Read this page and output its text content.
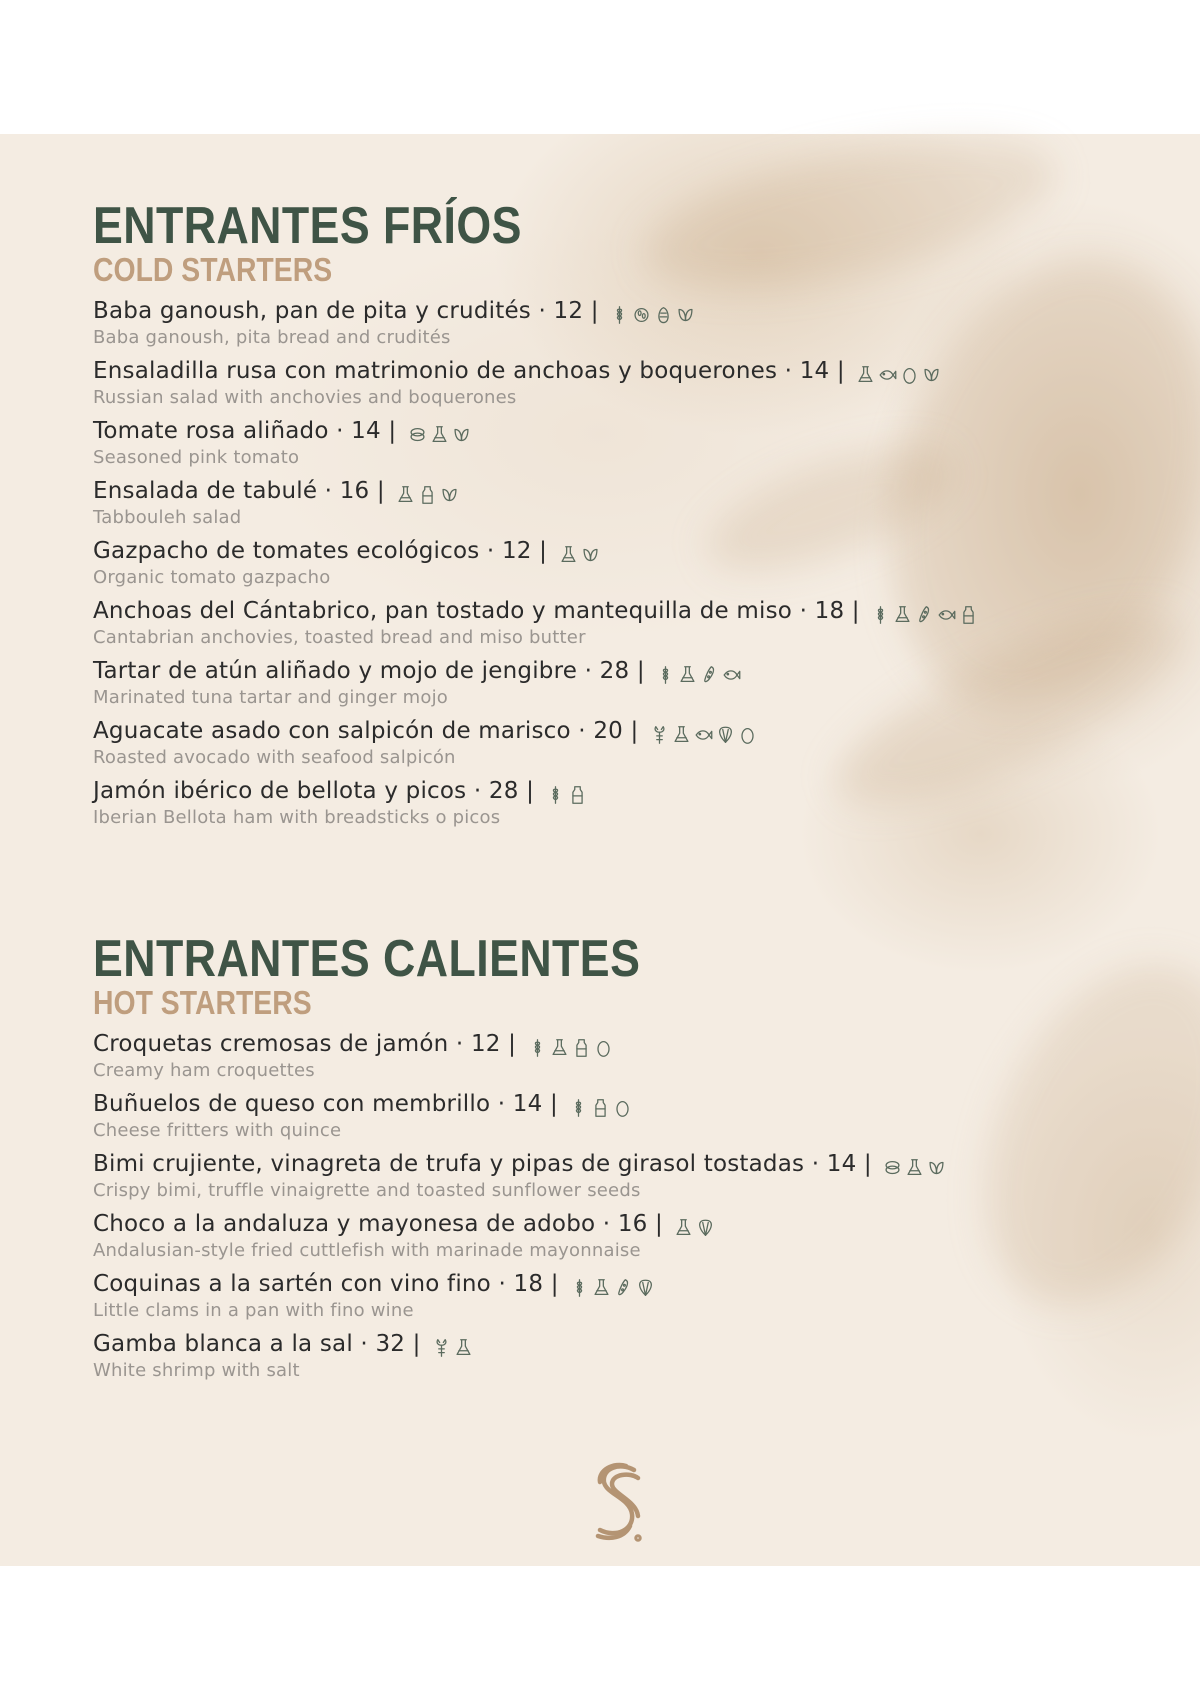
ENTRANTES FRÍOS
COLD STARTERS
Baba ganoush, pan de pita y crudités · 12 |
Baba ganoush, pita bread and crudités
Ensaladilla rusa con matrimonio de anchoas y boquerones · 14 |
Russian salad with anchovies and boquerones
Tomate rosa aliñado · 14 |
Seasoned pink tomato
Ensalada de tabulé · 16 |
Tabbouleh salad
Gazpacho de tomates ecológicos · 12 |
Organic tomato gazpacho
Anchoas del Cántabrico, pan tostado y mantequilla de miso · 18 |
Cantabrian anchovies, toasted bread and miso butter
Tartar de atún aliñado y mojo de jengibre · 28 |
Marinated tuna tartar and ginger mojo
Aguacate asado con salpicón de marisco · 20 |
Roasted avocado with seafood salpicón
Jamón ibérico de bellota y picos · 28 |
Iberian Bellota ham with breadsticks o picos
ENTRANTES CALIENTES
HOT STARTERS
Croquetas cremosas de jamón · 12 |
Creamy ham croquettes
Buñuelos de queso con membrillo · 14 |
Cheese fritters with quince
Bimi crujiente, vinagreta de trufa y pipas de girasol tostadas · 14 |
Crispy bimi, truffle vinaigrette and toasted sunflower seeds
Choco a la andaluza y mayonesa de adobo · 16 |
Andalusian-style fried cuttlefish with marinade mayonnaise
Coquinas a la sartén con vino fino · 18 |
Little clams in a pan with fino wine
Gamba blanca a la sal · 32 |
White shrimp with salt
